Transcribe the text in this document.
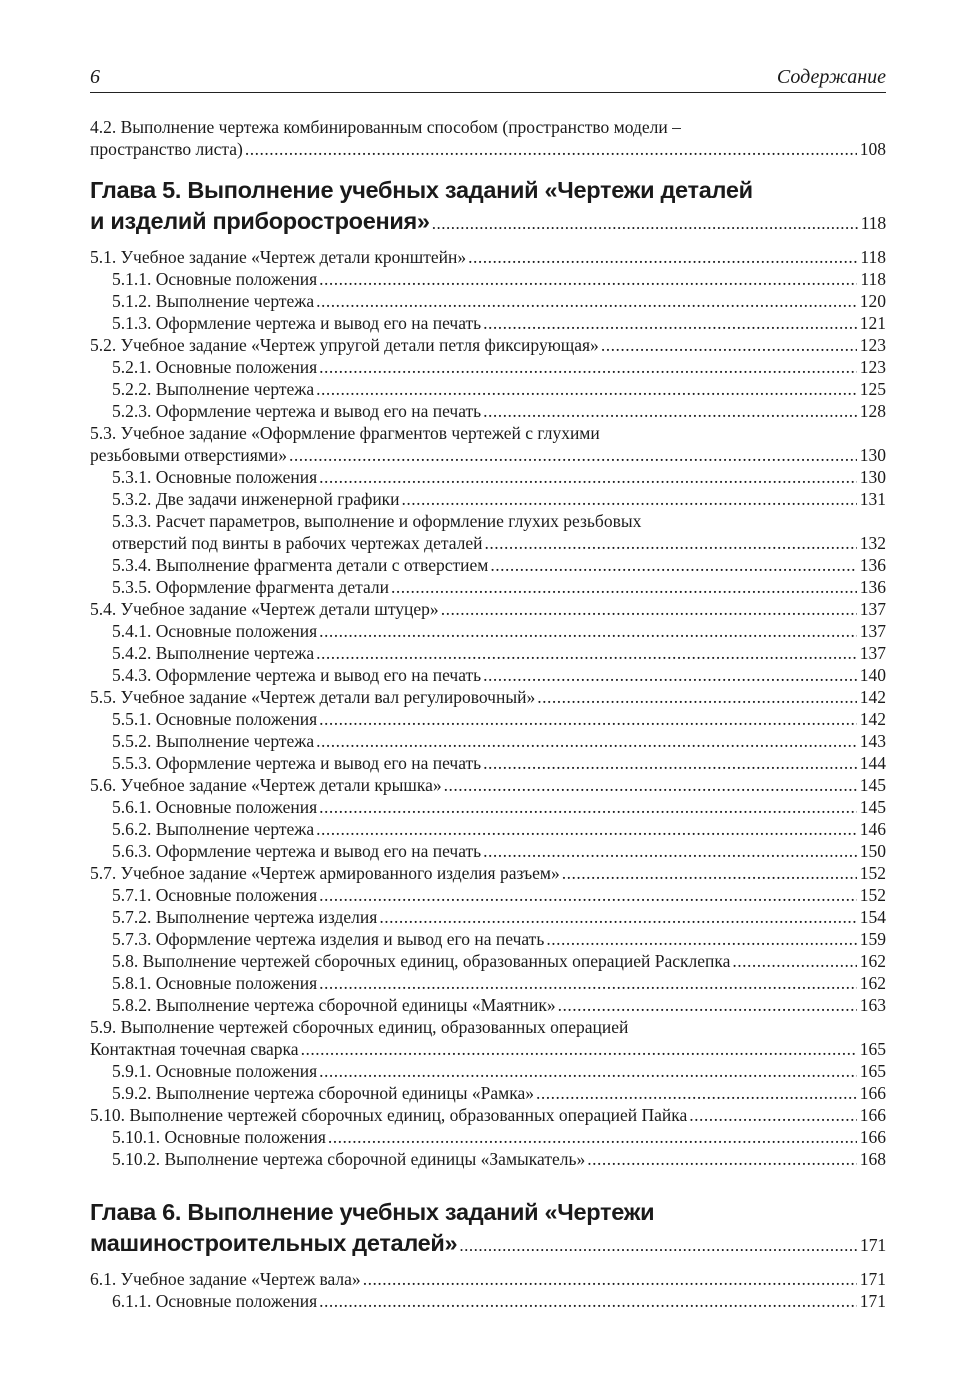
6	Содержание
4.2. Выполнение чертежа комбинированным способом (пространство модели –
пространство листа) .....	108
Глава 5. Выполнение учебных заданий «Чертежи деталей
и изделий приборостроения» .....	118
5.1. Учебное задание «Чертеж детали кронштейн» .....	118
5.1.1. Основные положения .....	118
5.1.2. Выполнение чертежа .....	120
5.1.3. Оформление чертежа и вывод его на печать .....	121
5.2. Учебное задание «Чертеж упругой детали петля фиксирующая» .....	123
5.2.1. Основные положения .....	123
5.2.2. Выполнение чертежа .....	125
5.2.3. Оформление чертежа и вывод его на печать .....	128
5.3. Учебное задание «Оформление фрагментов чертежей с глухими
резьбовыми отверстиями» .....	130
5.3.1. Основные положения .....	130
5.3.2. Две задачи инженерной графики .....	131
5.3.3. Расчет параметров, выполнение и оформление глухих резьбовых
отверстий под винты в рабочих чертежах деталей .....	132
5.3.4. Выполнение фрагмента детали с отверстием .....	136
5.3.5. Оформление фрагмента детали .....	136
5.4. Учебное задание «Чертеж детали штуцер» .....	137
5.4.1. Основные положения .....	137
5.4.2. Выполнение чертежа .....	137
5.4.3. Оформление чертежа и вывод его на печать .....	140
5.5. Учебное задание «Чертеж детали вал регулировочный» .....	142
5.5.1. Основные положения .....	142
5.5.2. Выполнение чертежа .....	143
5.5.3. Оформление чертежа и вывод его на печать .....	144
5.6. Учебное задание «Чертеж детали крышка» .....	145
5.6.1. Основные положения .....	145
5.6.2. Выполнение чертежа .....	146
5.6.3. Оформление чертежа и вывод его на печать .....	150
5.7. Учебное задание «Чертеж армированного изделия разъем» .....	152
5.7.1. Основные положения .....	152
5.7.2. Выполнение чертежа изделия .....	154
5.7.3. Оформление чертежа изделия и вывод его на печать .....	159
5.8. Выполнение чертежей сборочных единиц, образованных операцией Расклепка .....	162
5.8.1. Основные положения .....	162
5.8.2. Выполнение чертежа сборочной единицы «Маятник» .....	163
5.9. Выполнение чертежей сборочных единиц, образованных операцией
Контактная точечная сварка .....	165
5.9.1. Основные положения .....	165
5.9.2. Выполнение чертежа сборочной единицы «Рамка» .....	166
5.10. Выполнение чертежей сборочных единиц, образованных операцией Пайка .....	166
5.10.1. Основные положения .....	166
5.10.2. Выполнение чертежа сборочной единицы «Замыкатель» .....	168
Глава 6. Выполнение учебных заданий «Чертежи
машиностроительных деталей» .....	171
6.1. Учебное задание «Чертеж вала» .....	171
6.1.1. Основные положения .....	171
